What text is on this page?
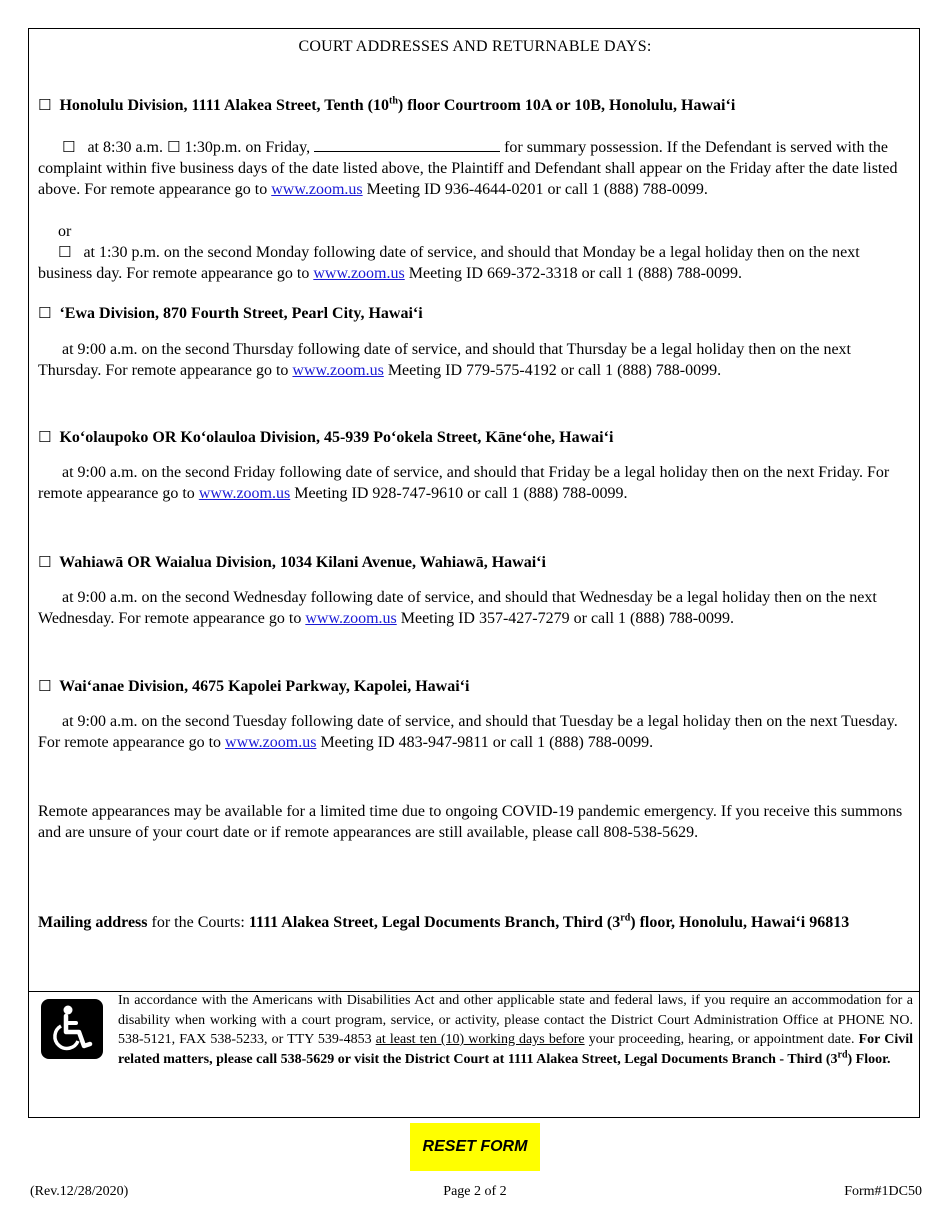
COURT ADDRESSES AND RETURNABLE DAYS:
☐ Honolulu Division, 1111 Alakea Street, Tenth (10th) floor Courtroom 10A or 10B, Honolulu, Hawai‘i
☐ at 8:30 a.m. ☐ 1:30p.m. on Friday,	for summary possession. If the Defendant is served with the complaint within five business days of the date listed above, the Plaintiff and Defendant shall appear on the Friday after the date listed above. For remote appearance go to www.zoom.us Meeting ID 936-4644-0201 or call 1 (888) 788-0099.
or
☐ at 1:30 p.m. on the second Monday following date of service, and should that Monday be a legal holiday then on the next business day. For remote appearance go to www.zoom.us Meeting ID 669-372-3318 or call 1 (888) 788-0099.
☐ ‘Ewa Division, 870 Fourth Street, Pearl City, Hawai‘i
at 9:00 a.m. on the second Thursday following date of service, and should that Thursday be a legal holiday then on the next Thursday. For remote appearance go to www.zoom.us Meeting ID 779-575-4192 or call 1 (888) 788-0099.
☐ Ko‘olaupoko OR Ko‘olauloa Division, 45-939 Po‘okela Street, Kāne‘ohe, Hawai‘i
at 9:00 a.m. on the second Friday following date of service, and should that Friday be a legal holiday then on the next Friday. For remote appearance go to www.zoom.us Meeting ID 928-747-9610 or call 1 (888) 788-0099.
☐ Wahiawā OR Waialua Division, 1034 Kilani Avenue, Wahiawā, Hawai‘i
at 9:00 a.m. on the second Wednesday following date of service, and should that Wednesday be a legal holiday then on the next Wednesday. For remote appearance go to www.zoom.us Meeting ID 357-427-7279 or call 1 (888) 788-0099.
☐ Wai‘anae Division, 4675 Kapolei Parkway, Kapolei, Hawai‘i
at 9:00 a.m. on the second Tuesday following date of service, and should that Tuesday be a legal holiday then on the next Tuesday. For remote appearance go to www.zoom.us Meeting ID 483-947-9811 or call 1 (888) 788-0099.
Remote appearances may be available for a limited time due to ongoing COVID-19 pandemic emergency. If you receive this summons and are unsure of your court date or if remote appearances are still available, please call 808-538-5629.
Mailing address for the Courts: 1111 Alakea Street, Legal Documents Branch, Third (3rd) floor, Honolulu, Hawai‘i 96813
In accordance with the Americans with Disabilities Act and other applicable state and federal laws, if you require an accommodation for a disability when working with a court program, service, or activity, please contact the District Court Administration Office at PHONE NO. 538-5121, FAX 538-5233, or TTY 539-4853 at least ten (10) working days before your proceeding, hearing, or appointment date. For Civil related matters, please call 538-5629 or visit the District Court at 1111 Alakea Street, Legal Documents Branch - Third (3rd) Floor.
RESET FORM
(Rev.12/28/2020)	Page 2 of 2	Form#1DC50
